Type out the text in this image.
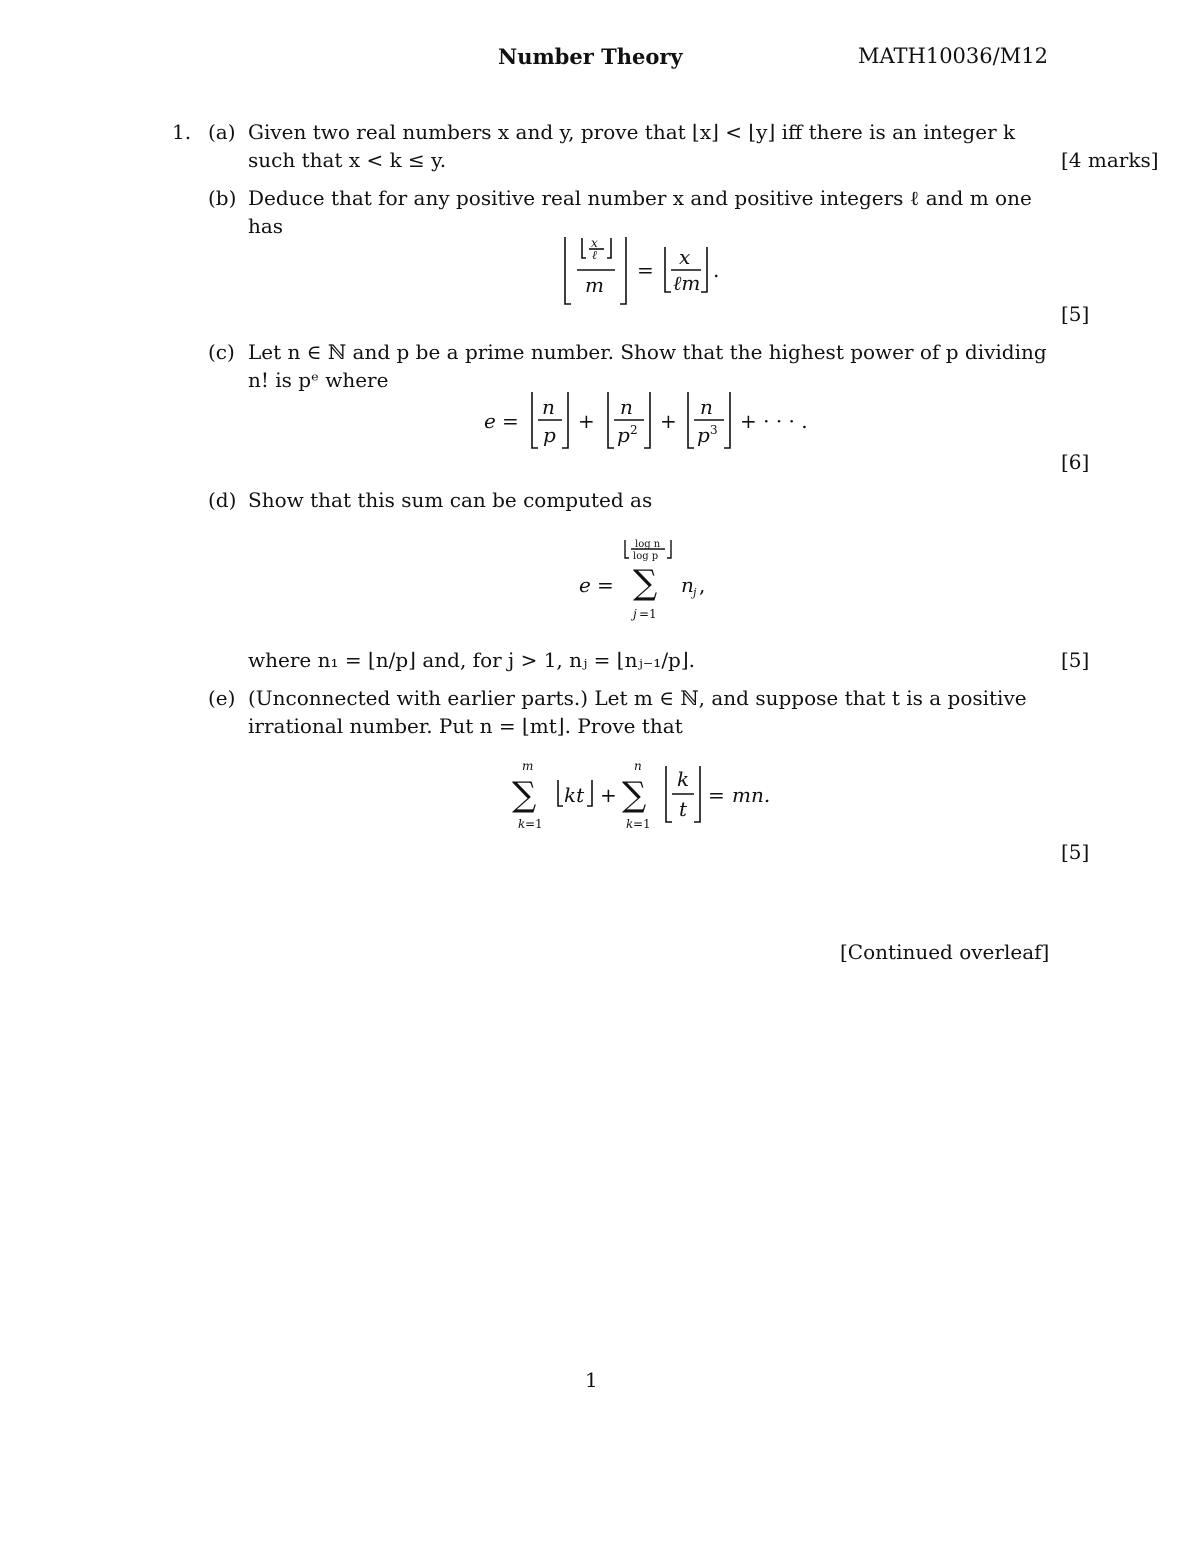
Number Theory	MATH10036/M12
1. (a) Given two real numbers x and y, prove that ⌊x⌋ < ⌊y⌋ iff there is an integer k
such that x < k ≤ y.	[4 marks]
(b) Deduce that for any positive real number x and positive integers ℓ and m one
has
x
ℓ
m
=
x
ℓm
.
[5]
(c) Let n ∈ ℕ and p be a prime number. Show that the highest power of p dividing
n! is pᵉ where
e =
n
p
+
n
p 2 +
n
p 3 + · · · .
[6]
(d) Show that this sum can be computed as
log n
log p
∑
e =	n j ,
j =1
where n₁ = ⌊n/p⌋ and, for j > 1, nⱼ = ⌊nⱼ₋₁/p⌋.	[5]
(e) (Unconnected with earlier parts.) Let m ∈ ℕ, and suppose that t is a positive
irrational number. Put n = ⌊mt⌋. Prove that
m
∑
k =1
kt +
n
∑
k =1
k
t
= mn.
[5]
[Continued overleaf]
1
